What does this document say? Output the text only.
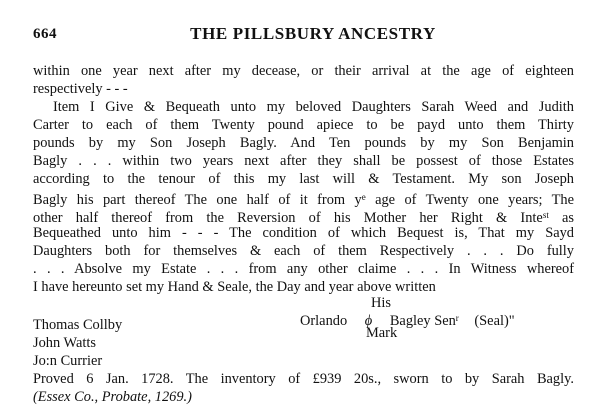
664	THE PILLSBURY ANCESTRY
within one year next after my decease, or their arrival at the age of eighteen
respectively - - -
Item I Give & Bequeath unto my beloved Daughters Sarah Weed and Judith
Carter to each of them Twenty pound apiece to be payd unto them Thirty
pounds by my Son Joseph Bagly. And Ten pounds by my Son Benjamin
Bagly . . . within two years next after they shall be possest of those Estates
according to the tenour of this my last will & Testament. My son Joseph
Bagly his part thereof The one half of it from $y^e$ age of Twenty one years; The
other half thereof from the Reversion of his Mother her Right & Inte$^{st}$ as
Bequeathed unto him - - - The condition of which Bequest is, That my Sayd
Daughters both for themselves & each of them Respectively . . . Do fully
. . . Absolve my Estate . . . from any other claime . . . In Witness whereof
I have hereunto set my Hand & Seale, the Day and year above written
His
Orlando ϕ Bagley Sen$^r$ (Seal)"
Mark
Thomas Collby
John Watts
Jo:n Currier
Proved 6 Jan. 1728. The inventory of £939 20s., sworn to by Sarah Bagly.
(Essex Co., Probate, 1269.)
